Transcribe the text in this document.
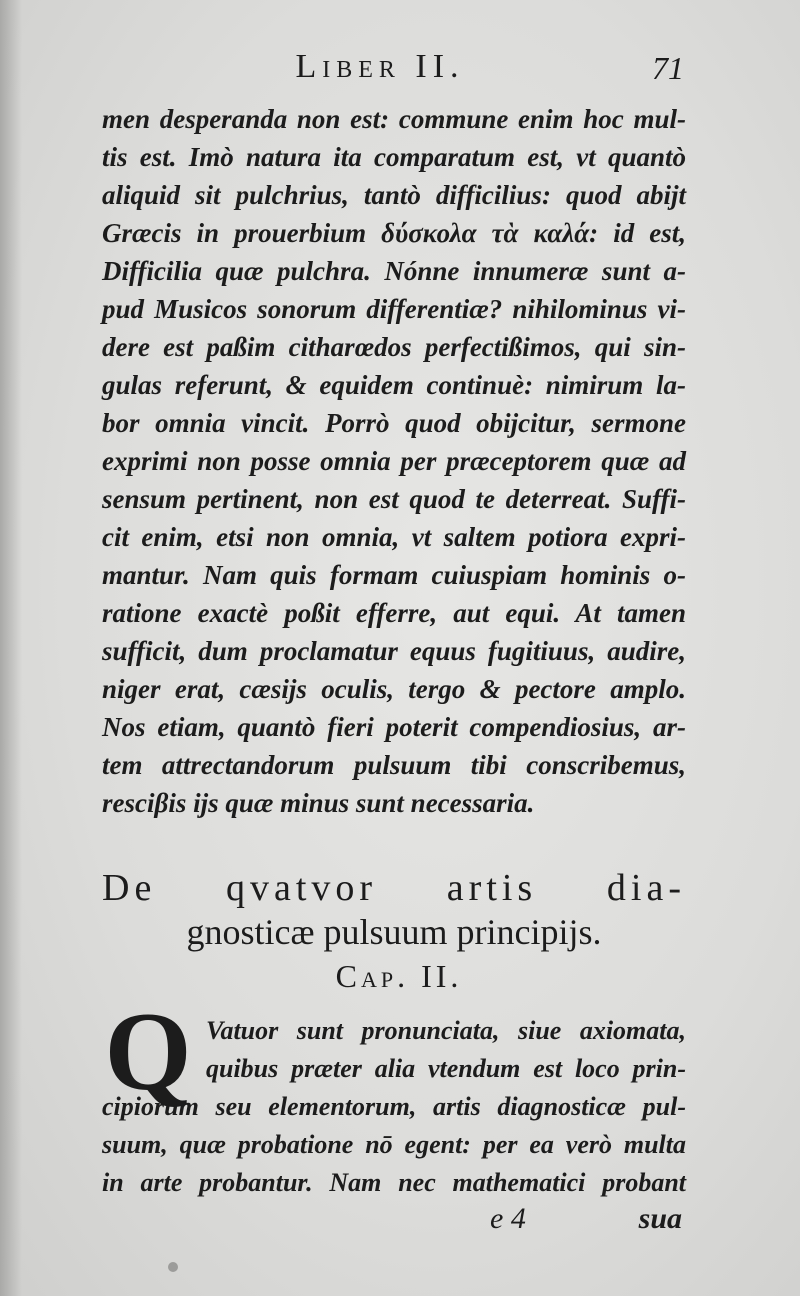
Liber II.	71
men desperanda non est: commune enim hoc mul-
tis est. Imò natura ita comparatum est, vt quantò
aliquid sit pulchrius, tantò difficilius: quod abijt
Græcis in prouerbium δύσκολα τὰ καλά: id est,
Difficilia quæ pulchra. Nónne innumeræ sunt a-
pud Musicos sonorum differentiæ? nihilominus vi-
dere est paßim citharœdos perfectißimos, qui sin-
gulas referunt, & equidem continuè: nimirum la-
bor omnia vincit. Porrò quod obijcitur, sermone
exprimi non posse omnia per præceptorem quæ ad
sensum pertinent, non est quod te deterreat. Suffi-
cit enim, etsi non omnia, vt saltem potiora expri-
mantur. Nam quis formam cuiuspiam hominis o-
ratione exactè poßit efferre, aut equi. At tamen
sufficit, dum proclamatur equus fugitiuus, audire,
niger erat, cæsijs oculis, tergo & pectore amplo.
Nos etiam, quantò fieri poterit compendiosius, ar-
tem attrectandorum pulsuum tibi conscribemus,
resciβis ijs quæ minus sunt necessaria.
De qvatvor artis dia-
gnosticæ pulsuum principijs.
Cap. II.
Q Vatuor sunt pronunciata, siue axiomata,
quibus præter alia vtendum est loco prin-
cipiorum seu elementorum, artis diagnosticæ pul-
suum, quæ probatione nō egent: per ea verò multa
in arte probantur. Nam nec mathematici probant
e 4	sua
